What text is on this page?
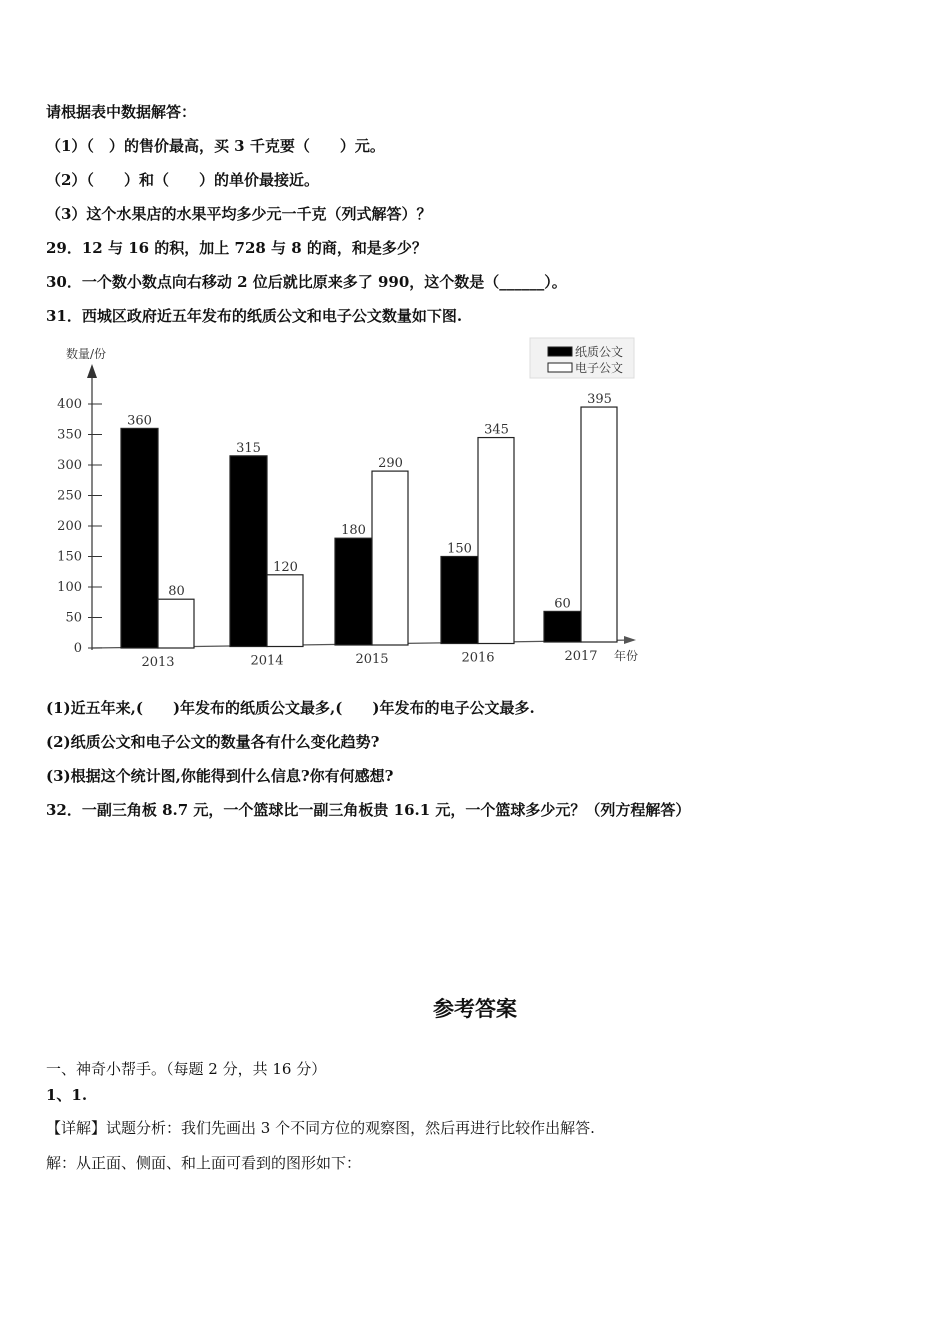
请根据表中数据解答：
（1）（　）的售价最高，买 3 千克要（　　）元。
（2）（　　）和（　　）的单价最接近。
（3）这个水果店的水果平均多少元一千克（列式解答）？
29．12 与 16 的积，加上 728 与 8 的商，和是多少？
30．一个数小数点向右移动 2 位后就比原来多了 990，这个数是（______）。
31．西城区政府近五年发布的纸质公文和电子公文数量如下图.
0
50
100
150
200
250
300
350
400
360
80
315
120
180
290
150
345
60
395
2013	2014	2015	2016	2017
纸质公文
电子公文
数量/份
年份
(1)近五年来,(　　)年发布的纸质公文最多,(　　)年发布的电子公文最多.
(2)纸质公文和电子公文的数量各有什么变化趋势?
(3)根据这个统计图,你能得到什么信息?你有何感想?
32．一副三角板 8.7 元，一个篮球比一副三角板贵 16.1 元，一个篮球多少元？（列方程解答）
参考答案
一、神奇小帮手。（每题 2 分，共 16 分）
1、1.
【详解】试题分析：我们先画出 3 个不同方位的观察图，然后再进行比较作出解答.
解：从正面、侧面、和上面可看到的图形如下：
